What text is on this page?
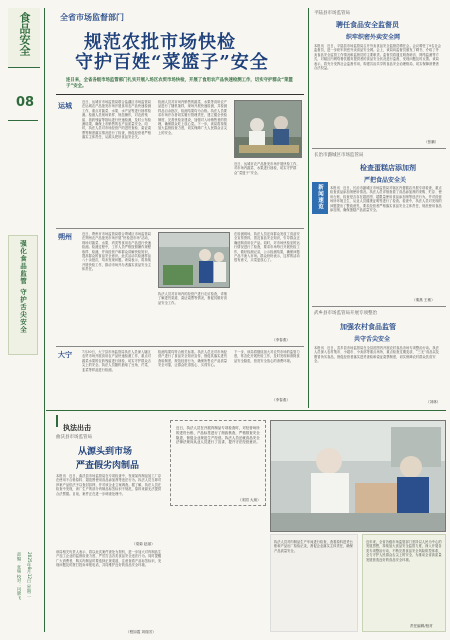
食品安全
08
强化食品监管 守护舌尖安全
2025年8月12日 星期二
责编：张瑞 校对：闫晓飞
全省市场监督部门
规范农批市场快检
守护百姓“菜篮子”安全
连日来，全省各级市场监管部门扎实开展入场区农贸市场快检，开展了食用农产品快速检测工作，切实守护群众“菜篮子”安全。
运城	近日，运城市市场监管局联合盐湖区市场监管局在运城农产品批发市场开展食用农产品快速检测工作，重点对蔬菜、水果、水产品等进行抽样检测。检测人员现场采样、规范操作，对农药残留、兽药残留等指标进行快速检测，及时公布检测结果，确保上市销售的农产品质量安全。同时，执法人员对市场经营户的进货查验、索证索票等制度落实情况进行了检查，督促经营者严格落实主体责任，从源头把好食品安全关。
检测人员对市场内销售的蔬菜、水果等食用农产品进行了随机抽样，现场开展快速检测，共检测样品百余批次，检测结果均为合格。执法人员要求市场开办者切实履行管理责任，建立健全快检制度，完善快检室建设，加强对入场销售者的管理，确保群众吃上放心菜。下一步，该局将持续加大监督检查力度，切实保障广大人民群众舌尖上的安全。
近日，运城市农产品批发市场开展快检工作，对市场内蔬菜、水果进行抽检，切实守护群众“菜篮子”安全。
朔州	近日，朔州市市场监管局联合朔城区市场监管局在朔州农产品批发市场开展“快检进市场”活动，现场对蔬菜、水果、肉类等食用农产品进行快速检测。检测过程中，工作人员严格按照操作规程取样、检测，并向经营户和群众讲解快检知识，提高群众的食品安全意识。此次活动共检测样品八十余批次，均未发现问题。该局表示，将持续开展快检工作，推动市场开办者落实食品安全主体责任。
执法人员对市场内的经营户进行走访检查，详细了解进货渠道、索证索票等情况，督促其做好食品安全工作。
在检测现场，执法人员还向群众发放了食品安全宣传资料，普及食品安全知识，引导群众正确选购食用农产品。同时，对市场快检室的运行情况进行了检查，要求市场每日开展快检工作，做好检测记录，公示检测结果，确保问题产品不流入市场。群众纷纷表示，这样的活动很有意义，买菜更放心了。
（李春燕）
大宁	7月30日，大宁县市场监管局执法人员深入辖区农贸市场开展食用农产品快速检测工作，重点对蔬菜水果的农药残留进行抽检，切实守护群众舌尖上的安全。执法人员随机抽取了豆角、芹菜、韭菜等样品进行检测。
检测结果均符合相关标准。执法人员还对市场经营户进行了食品安全知识宣传，督促其落实进货查验制度，规范经营行为，确保所售农产品质量安全可靠，让群众吃得放心、买得安心。
下一步，该局将继续加大对农贸市场的监管力度，常态化开展快检工作，及时发现和消除食品安全隐患，营造安全放心的消费环境。
（李春燕）
平陆县市场监管局
聘任食品安全监督员
织牢织密外卖安全网
本报讯　近日，平陆县市场监管局召开外卖食品安全监督员聘任会。会议聘任了9名社会监督员，进一步织牢织密外卖食品安全网。会上，该局向监督员颁发了聘书，介绍了外卖食品安全监管工作情况和监督员的主要职责。监督员将通过明查暗访、网络监测等方式，对辖区内网络餐饮服务提供者的食品安全状况进行监督，发现问题及时反馈。该局表示，将充分发挥社会监督作用，构建共治共享的食品安全治理格局，切实保障消费者合法权益。
（张鹏）
长治市潞城区市场监管局
检查蛋糕店添加剂
严把食品安全关
新闻速览	本报讯　近日，长治市潞城区市场监管局对辖区内蛋糕店开展专项检查，重点检查食品添加剂使用情况。执法人员详细查看了食品添加剂的采购、贮存、使用台账，检查是否存在超范围、超限量使用食品添加剂等违法行为，并对经营场所环境卫生、从业人员健康证明等进行了检查。检查中，执法人员对发现的问题提出了整改意见，要求经营者严格落实食品安全主体责任，规范使用食品添加剂，确保蛋糕产品质量安全。
（秦燕 王敏）
武乡县市场监管局开展专项整治
加强农村食品监管
共守舌尖安全
本报讯　近日，武乡县市场监管局在全县范围内开展农村食品市场专项整治行动。执法人员深入农村集市、小超市、小卖部等重点场所，重点检查过期变质、“三无”食品以及假冒伪劣食品，督促经营者落实进货查验和索证索票制度，切实保障农村群众饮食安全。
（刘林）
执法出击
曲沃县市场监管局
从源头到市场
严查假劣肉制品
本报讯　近日，曲沃县市场监管局在专项检查中，发现某肉制品加工厂存在使用不合格原料、超范围使用食品添加剂等违法行为。执法人员当即对涉案产品依法予以查封扣押，并对该企业立案调查。据了解，执法人员在检查中发现，该厂生产的部分肉制品标签标识不规范，原料来源无法提供合法票据。目前，案件正在进一步调查处理中。
（梁菊 赵丽）
该局相关负责人表示，将以此次案件查处为契机，进一步加大对肉制品生产加工企业的监督检查力度，严厉打击各类食品安全违法行为。同时提醒广大消费者，购买肉制品时要选择正规渠道，注意查看产品标签标识，发现问题及时拨打投诉举报电话，共同维护良好的食品安全环境。
（程如霞 刘瑞芳）
近日，执法人员在开展肉制品专项检查时，对经营场所的进货台账、产品标签进行了细致核查，严格排查安全隐患，督促企业规范生产经营。执法人员还就食品安全法律法规向从业人员进行了宣讲，提升守法经营意识。
（宋国 大朋）
近年来，全省各级市场监管部门坚持以人民为中心的发展思想，持续加大食品安全监管力度，深入开展各类专项整治行动，不断完善食品安全风险防控体系，全力守护人民群众舌尖上的安全，为推动全省高质量发展营造良好的食品安全环境。
责任编辑/校对
执法人员对肉制品生产车间进行检查，查看原料进货台账和产品出厂检验记录，督促企业落实主体责任，确保产品质量安全。
